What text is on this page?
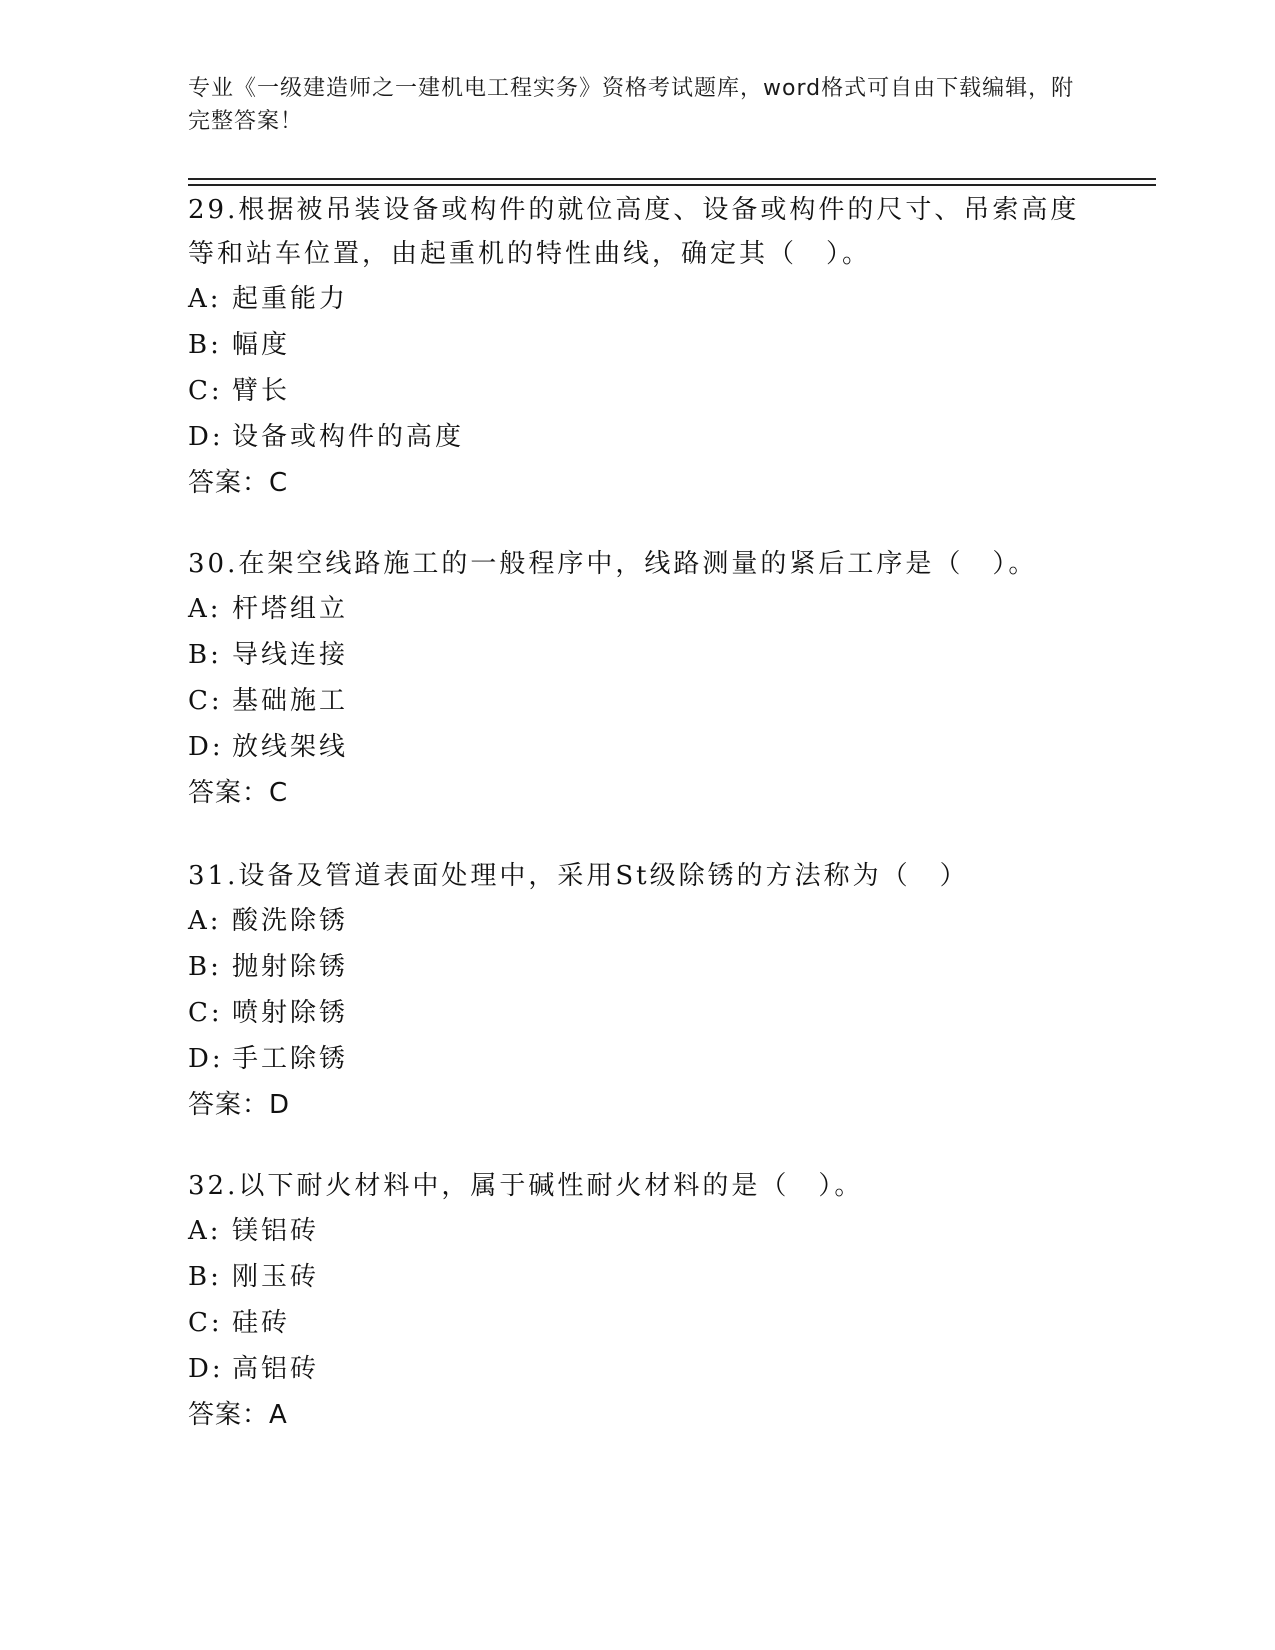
专业《一级建造师之一建机电工程实务》资格考试题库，word格式可自由下载编辑，附完整答案！

29.根据被吊装设备或构件的就位高度、设备或构件的尺寸、吊索高度等和站车位置，由起重机的特性曲线，确定其（　）。

A: 起重能力

B: 幅度

C: 臂长

D: 设备或构件的高度

答案：C

30.在架空线路施工的一般程序中，线路测量的紧后工序是（　）。

A: 杆塔组立

B: 导线连接

C: 基础施工

D: 放线架线

答案：C

31.设备及管道表面处理中，采用St级除锈的方法称为（　）

A: 酸洗除锈

B: 抛射除锈

C: 喷射除锈

D: 手工除锈

答案：D

32.以下耐火材料中，属于碱性耐火材料的是（　）。

A: 镁铝砖

B: 刚玉砖

C: 硅砖

D: 高铝砖

答案：A
